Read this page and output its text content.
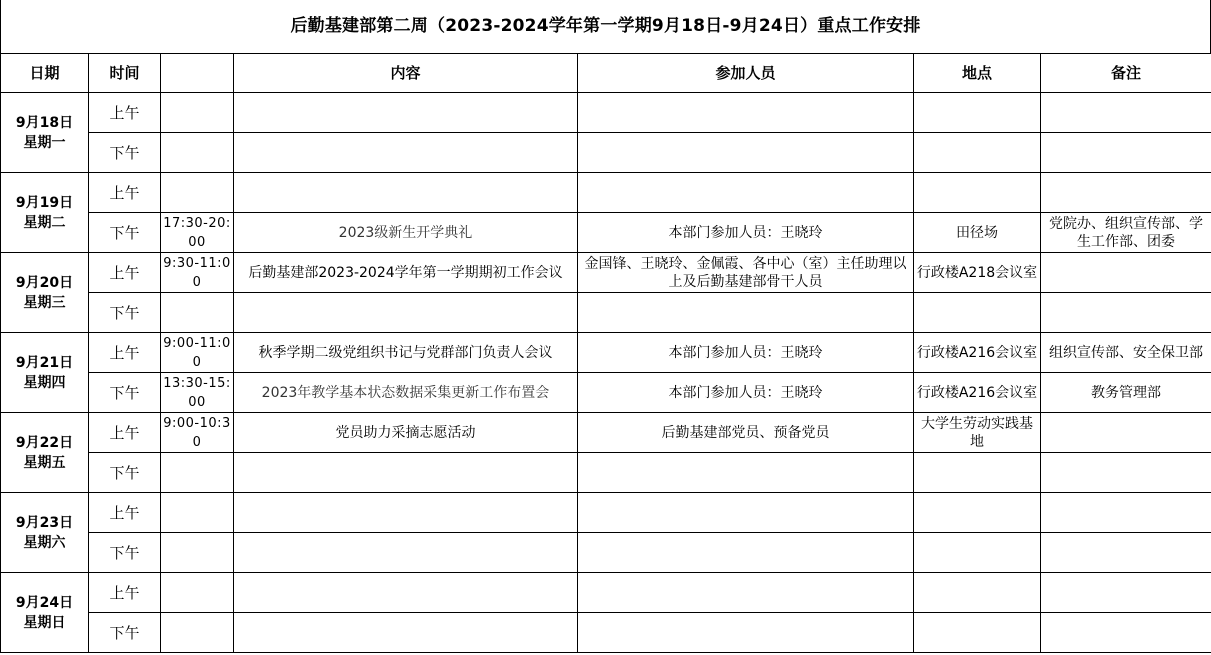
后勤基建部第二周（2023-2024学年第一学期9月18日-9月24日）重点工作安排
日期	时间		内容	参加人员	地点	备注

9月18日
星期一	上午					
	下午					

9月19日
星期二	上午					
	下午	17:30-20:00	2023级新生开学典礼	本部门参加人员：王晓玲	田径场	党院办、组织宣传部、学生工作部、团委

9月20日
星期三	上午	9:30-11:00	后勤基建部2023-2024学年第一学期期初工作会议	金国锋、王晓玲、金佩霞、各中心（室）主任助理以上及后勤基建部骨干人员	行政楼A218会议室	
	下午					

9月21日
星期四	上午	9:00-11:00	秋季学期二级党组织书记与党群部门负责人会议	本部门参加人员：王晓玲	行政楼A216会议室	组织宣传部、安全保卫部
	下午	13:30-15:00	2023年教学基本状态数据采集更新工作布置会	本部门参加人员：王晓玲	行政楼A216会议室	教务管理部

9月22日
星期五	上午	9:00-10:30	党员助力采摘志愿活动	后勤基建部党员、预备党员	大学生劳动实践基地	
	下午					

9月23日
星期六	上午					
	下午					

9月24日
星期日	上午					
	下午					
